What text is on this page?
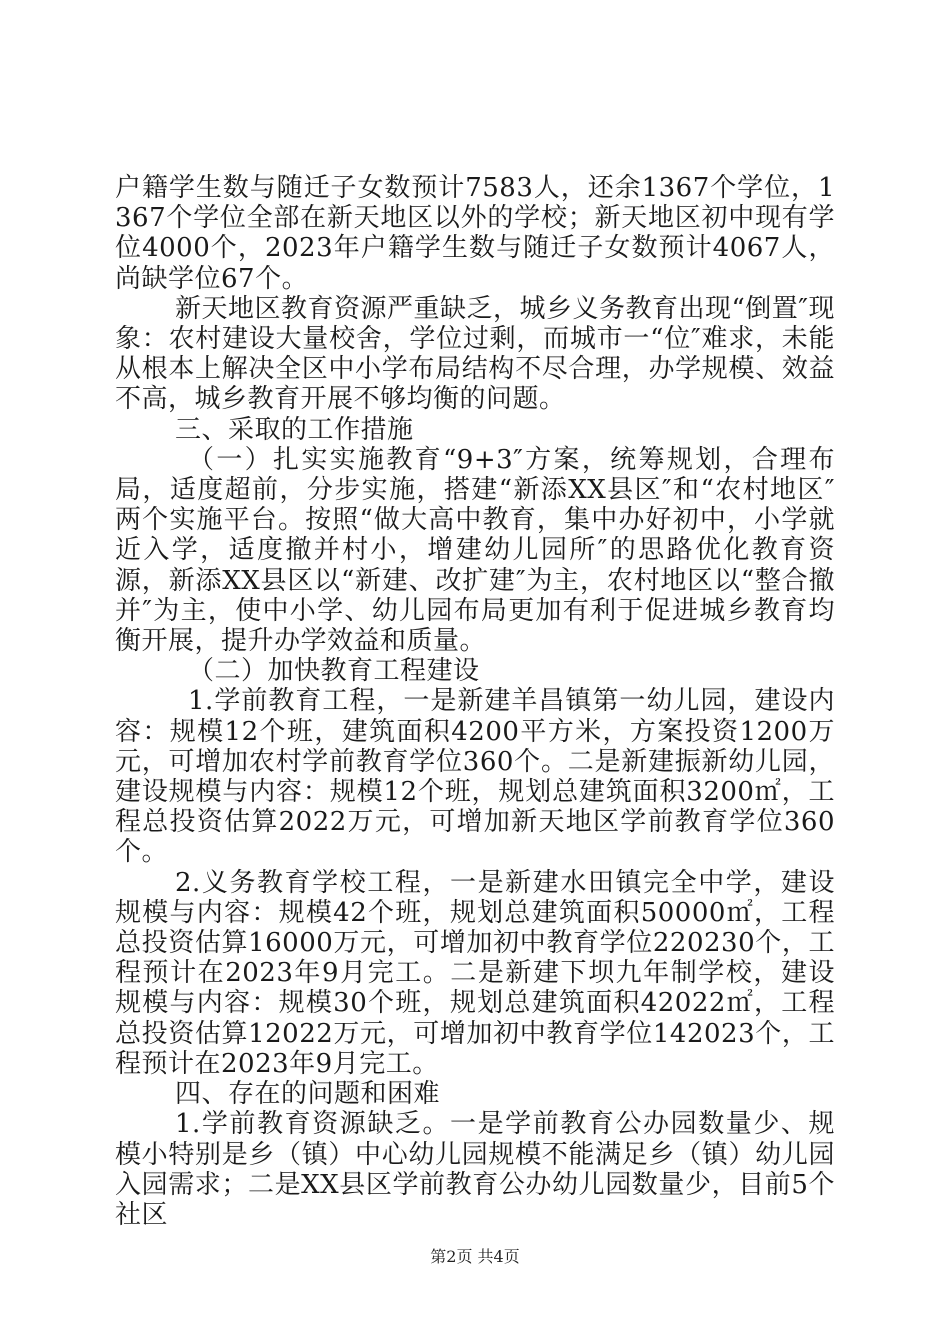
户籍学生数与随迁子女数预计7583人，还余1367个学位，1367个学位全部在新天地区以外的学校；新天地区初中现有学位4000个，2023年户籍学生数与随迁子女数预计4067人，尚缺学位67个。

新天地区教育资源严重缺乏，城乡义务教育出现“倒置″现象：农村建设大量校舍，学位过剩，而城市一“位″难求，未能从根本上解决全区中小学布局结构不尽合理，办学规模、效益不高，城乡教育开展不够均衡的问题。

三、采取的工作措施

（一）扎实实施教育“9+3″方案，统筹规划，合理布局，适度超前，分步实施，搭建“新添XX县区″和“农村地区″两个实施平台。按照“做大高中教育，集中办好初中，小学就近入学，适度撤并村小，增建幼儿园所″的思路优化教育资源，新添XX县区以“新建、改扩建″为主，农村地区以“整合撤并″为主，使中小学、幼儿园布局更加有利于促进城乡教育均衡开展，提升办学效益和质量。

（二）加快教育工程建设

1.学前教育工程，一是新建羊昌镇第一幼儿园，建设内容：规模12个班，建筑面积4200平方米，方案投资1200万元，可增加农村学前教育学位360个。二是新建振新幼儿园，建设规模与内容：规模12个班，规划总建筑面积3200㎡，工程总投资估算2022万元，可增加新天地区学前教育学位360个。

2.义务教育学校工程，一是新建水田镇完全中学，建设规模与内容：规模42个班，规划总建筑面积50000㎡，工程总投资估算16000万元，可增加初中教育学位220230个，工程预计在2023年9月完工。二是新建下坝九年制学校，建设规模与内容：规模30个班，规划总建筑面积42022㎡，工程总投资估算12022万元，可增加初中教育学位142023个，工程预计在2023年9月完工。

四、存在的问题和困难

1.学前教育资源缺乏。一是学前教育公办园数量少、规模小特别是乡（镇）中心幼儿园规模不能满足乡（镇）幼儿园入园需求；二是XX县区学前教育公办幼儿园数量少，目前5个社区

第2页 共4页
